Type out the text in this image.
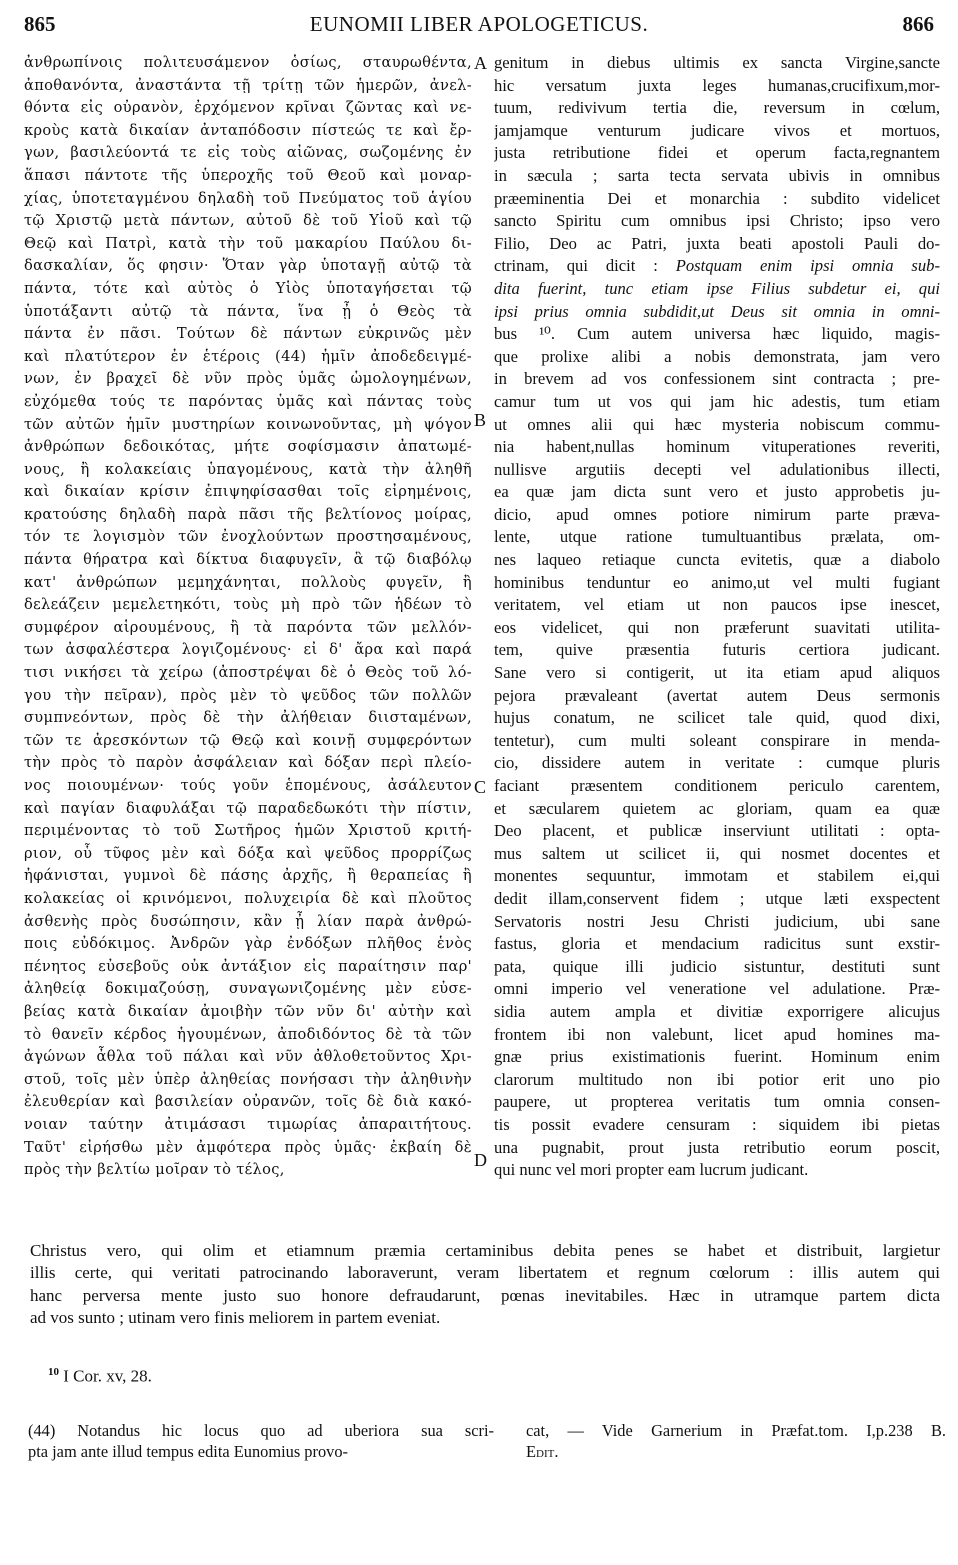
865	EUNOMII LIBER APOLOGETICUS.	866
ἀνθρωπίνοις πολιτευσάμενον ὁσίως, σταυρωθέντα,
ἀποθανόντα, ἀναστάντα τῇ τρίτῃ τῶν ἡμερῶν, ἀνελ-
θόντα εἰς οὐρανὸν, ἐρχόμενον κρῖναι ζῶντας καὶ νε-
κροὺς κατὰ δικαίαν ἀνταπόδοσιν πίστεώς τε καὶ ἔρ-
γων, βασιλεύοντά τε εἰς τοὺς αἰῶνας, σωζομένης ἐν
ἅπασι πάντοτε τῆς ὑπεροχῆς τοῦ Θεοῦ καὶ μοναρ-
χίας, ὑποτεταγμένου δηλαδὴ τοῦ Πνεύματος τοῦ ἁγίου
τῷ Χριστῷ μετὰ πάντων, αὐτοῦ δὲ τοῦ Υἱοῦ καὶ τῷ
Θεῷ καὶ Πατρὶ, κατὰ τὴν τοῦ μακαρίου Παύλου δι-
δασκαλίαν, ὅς φησιν· Ὅταν γὰρ ὑποταγῇ αὐτῷ τὰ
πάντα, τότε καὶ αὐτὸς ὁ Υἱὸς ὑποταγήσεται τῷ
ὑποτάξαντι αὐτῷ τὰ πάντα, ἵνα ᾖ ὁ Θεὸς τὰ
πάντα ἐν πᾶσι. Τούτων δὲ πάντων εὐκρινῶς μὲν
καὶ πλατύτερον ἐν ἑτέροις (44) ἡμῖν ἀποδεδειγμέ-
νων, ἐν βραχεῖ δὲ νῦν πρὸς ὑμᾶς ὡμολογημένων,
εὐχόμεθα τούς τε παρόντας ὑμᾶς καὶ πάντας τοὺς
τῶν αὐτῶν ἡμῖν μυστηρίων κοινωνοῦντας, μὴ ψόγον
ἀνθρώπων δεδοικότας, μήτε σοφίσμασιν ἀπατωμέ-
νους, ἢ κολακείαις ὑπαγομένους, κατὰ τὴν ἀληθῆ
καὶ δικαίαν κρίσιν ἐπιψηφίσασθαι τοῖς εἰρημένοις,
κρατούσης δηλαδὴ παρὰ πᾶσι τῆς βελτίονος μοίρας,
τόν τε λογισμὸν τῶν ἐνοχλούντων προστησαμένους,
πάντα θήρατρα καὶ δίκτυα διαφυγεῖν, ἃ τῷ διαβόλῳ
κατ' ἀνθρώπων μεμηχάνηται, πολλοὺς φυγεῖν, ἢ
δελεάζειν μεμελετηκότι, τοὺς μὴ πρὸ τῶν ἡδέων τὸ
συμφέρον αἱρουμένους, ἢ τὰ παρόντα τῶν μελλόν-
των ἀσφαλέστερα λογιζομένους· εἰ δ' ἄρα καὶ παρά
τισι νικήσει τὰ χείρω (ἀποστρέψαι δὲ ὁ Θεὸς τοῦ λό-
γου τὴν πεῖραν), πρὸς μὲν τὸ ψεῦδος τῶν πολλῶν
συμπνεόντων, πρὸς δὲ τὴν ἀλήθειαν διισταμένων,
τῶν τε ἀρεσκόντων τῷ Θεῷ καὶ κοινῇ συμφερόντων
τὴν πρὸς τὸ παρὸν ἀσφάλειαν καὶ δόξαν περὶ πλείο-
νος ποιουμένων· τούς γοῦν ἑπομένους, ἀσάλευτον
καὶ παγίαν διαφυλάξαι τῷ παραδεδωκότι τὴν πίστιν,
περιμένοντας τὸ τοῦ Σωτῆρος ἡμῶν Χριστοῦ κριτή-
ριον, οὗ τῦφος μὲν καὶ δόξα καὶ ψεῦδος προρρίζως
ἠφάνισται, γυμνοὶ δὲ πάσης ἀρχῆς, ἢ θεραπείας ἢ
κολακείας οἱ κρινόμενοι, πολυχειρία δὲ καὶ πλοῦτος
ἀσθενὴς πρὸς δυσώπησιν, κἂν ᾖ λίαν παρὰ ἀνθρώ-
ποις εὐδόκιμος. Ἀνδρῶν γὰρ ἐνδόξων πλῆθος ἑνὸς
πένητος εὐσεβοῦς οὐκ ἀντάξιον εἰς παραίτησιν παρ'
ἀληθείᾳ δοκιμαζούσῃ, συναγωνιζομένης μὲν εὐσε-
βείας κατὰ δικαίαν ἀμοιβὴν τῶν νῦν δι' αὐτὴν καὶ
τὸ θανεῖν κέρδος ἡγουμένων, ἀποδιδόντος δὲ τὰ τῶν
ἀγώνων ἆθλα τοῦ πάλαι καὶ νῦν ἀθλοθετοῦντος Χρι-
στοῦ, τοῖς μὲν ὑπὲρ ἀληθείας πονήσασι τὴν ἀληθινὴν
ἐλευθερίαν καὶ βασιλείαν οὐρανῶν, τοῖς δὲ διὰ κακό-
νοιαν ταύτην ἀτιμάσασι τιμωρίας ἀπαραιτήτους.
Ταῦτ' εἰρήσθω μὲν ἀμφότερα πρὸς ὑμᾶς· ἐκβαίη δὲ
πρὸς τὴν βελτίω μοῖραν τὸ τέλος,
genitum in diebus ultimis ex sancta Virgine,sancte
hic versatum juxta leges humanas,crucifixum,mor-
tuum, redivivum tertia die, reversum in cœlum,
jamjamque venturum judicare vivos et mortuos,
justa retributione fidei et operum facta,regnantem
in sæcula ; sarta tecta servata ubivis in omnibus
præeminentia Dei et monarchia : subdito videlicet
sancto Spiritu cum omnibus ipsi Christo; ipso vero
Filio, Deo ac Patri, juxta beati apostoli Pauli do-
ctrinam, qui dicit : Postquam enim ipsi omnia sub-
dita fuerint, tunc etiam ipse Filius subdetur ei, qui
ipsi prius omnia subdidit,ut Deus sit omnia in omni-
bus ¹⁰. Cum autem universa hæc liquido, magis-
que prolixe alibi a nobis demonstrata, jam vero
in brevem ad vos confessionem sint contracta ; pre-
camur tum ut vos qui jam hic adestis, tum etiam
ut omnes alii qui hæc mysteria nobiscum commu-
nia habent,nullas hominum vituperationes reveriti,
nullisve argutiis decepti vel adulationibus illecti,
ea quæ jam dicta sunt vero et justo approbetis ju-
dicio, apud omnes potiore nimirum parte præva-
lente, utque ratione tumultuantibus prælata, om-
nes laqueo retiaque cuncta evitetis, quæ a diabolo
hominibus tenduntur eo animo,ut vel multi fugiant
veritatem, vel etiam ut non paucos ipse inescet,
eos videlicet, qui non præferunt suavitati utilita-
tem, quive præsentia futuris certiora judicant.
Sane vero si contigerit, ut ita etiam apud aliquos
pejora prævaleant (avertat autem Deus sermonis
hujus conatum, ne scilicet tale quid, quod dixi,
tentetur), cum multi soleant conspirare in menda-
cio, dissidere autem in veritate : cumque pluris
faciant præsentem conditionem periculo carentem,
et sæcularem quietem ac gloriam, quam ea quæ
Deo placent, et publicæ inserviunt utilitati : opta-
mus saltem ut scilicet ii, qui nosmet docentes et
monentes sequuntur, immotam et stabilem ei,qui
dedit illam,conservent fidem ; utque læti exspectent
Servatoris nostri Jesu Christi judicium, ubi sane
fastus, gloria et mendacium radicitus sunt exstir-
pata, quique illi judicio sistuntur, destituti sunt
omni imperio vel veneratione vel adulatione. Præ-
sidia autem ampla et divitiæ exporrigere alicujus
frontem ibi non valebunt, licet apud homines ma-
gnæ prius existimationis fuerint. Hominum enim
clarorum multitudo non ibi potior erit uno pio
paupere, ut propterea veritatis tum omnia consen-
tis possit evadere censuram : siquidem ibi pietas
una pugnabit, prout justa retributio eorum poscit,
qui nunc vel mori propter eam lucrum judicant.
A
B
C
D
Christus vero, qui olim et etiamnum præmia certaminibus debita penes se habet et distribuit, largietur
illis certe, qui veritati patrocinando laboraverunt, veram libertatem et regnum cœlorum : illis autem qui
hanc perversa mente justo suo honore defraudarunt, pœnas inevitabiles. Hæc in utramque partem dicta
ad vos sunto ; utinam vero finis meliorem in partem eveniat.
$^{10}$ I Cor. xv, 28.
(44) Notandus hic locus quo ad uberiora sua scri-
pta jam ante illud tempus edita Eunomius provo-
cat, — Vide Garnerium in Præfat.tom. I,p.238 B.
Edit.
